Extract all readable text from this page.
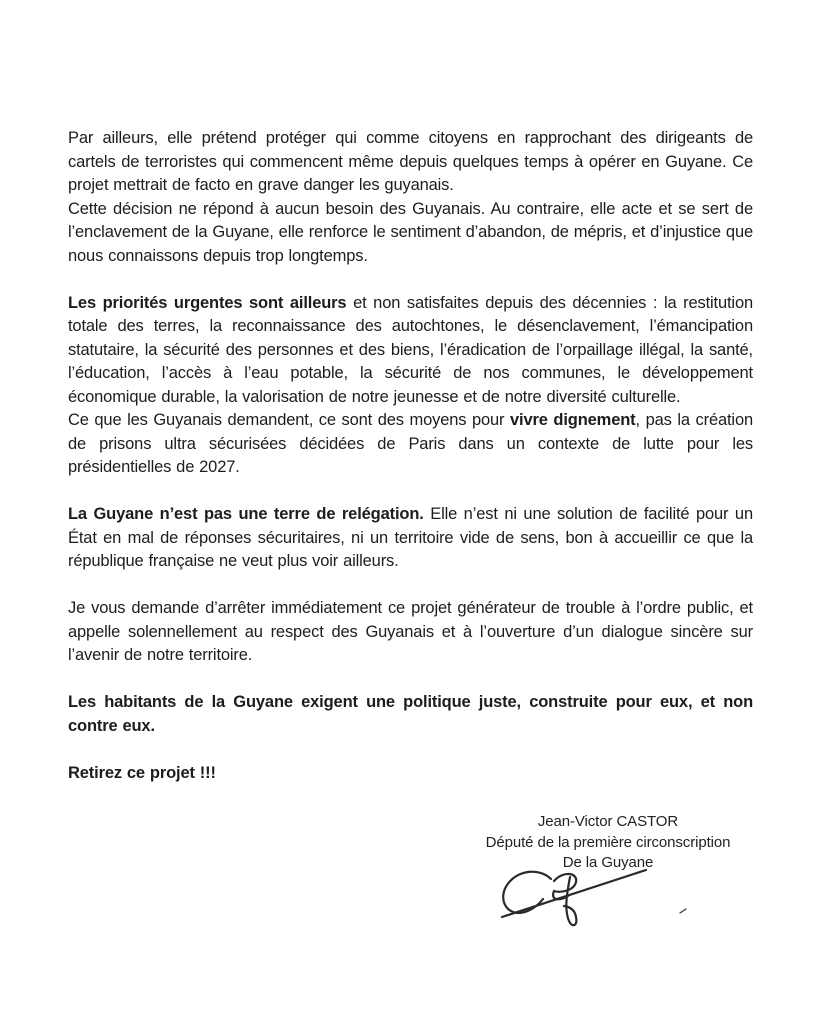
Par ailleurs, elle prétend protéger qui comme citoyens en rapprochant des dirigeants de cartels de terroristes qui commencent même depuis quelques temps à opérer en Guyane. Ce projet mettrait de facto en grave danger les guyanais.

Cette décision ne répond à aucun besoin des Guyanais. Au contraire, elle acte et se sert de l’enclavement de la Guyane, elle renforce le sentiment d’abandon, de mépris, et d’injustice que nous connaissons depuis trop longtemps.

Les priorités urgentes sont ailleurs et non satisfaites depuis des décennies : la restitution totale des terres, la reconnaissance des autochtones, le désenclavement, l’émancipation statutaire, la sécurité des personnes et des biens, l’éradication de l’orpaillage illégal, la santé, l’éducation, l’accès à l’eau potable, la sécurité de nos communes, le développement économique durable, la valorisation de notre jeunesse et de notre diversité culturelle.

Ce que les Guyanais demandent, ce sont des moyens pour vivre dignement, pas la création de prisons ultra sécurisées décidées de Paris dans un contexte de lutte pour les présidentielles de 2027.

La Guyane n’est pas une terre de relégation. Elle n’est ni une solution de facilité pour un État en mal de réponses sécuritaires, ni un territoire vide de sens, bon à accueillir ce que la république française ne veut plus voir ailleurs.

Je vous demande d’arrêter immédiatement ce projet générateur de trouble à l’ordre public, et appelle solennellement au respect des Guyanais et à l’ouverture d’un dialogue sincère sur l’avenir de notre territoire.

Les habitants de la Guyane exigent une politique juste, construite pour eux, et non contre eux.

Retirez ce projet !!!

Jean-Victor CASTOR
Député de la première circonscription
De la Guyane
